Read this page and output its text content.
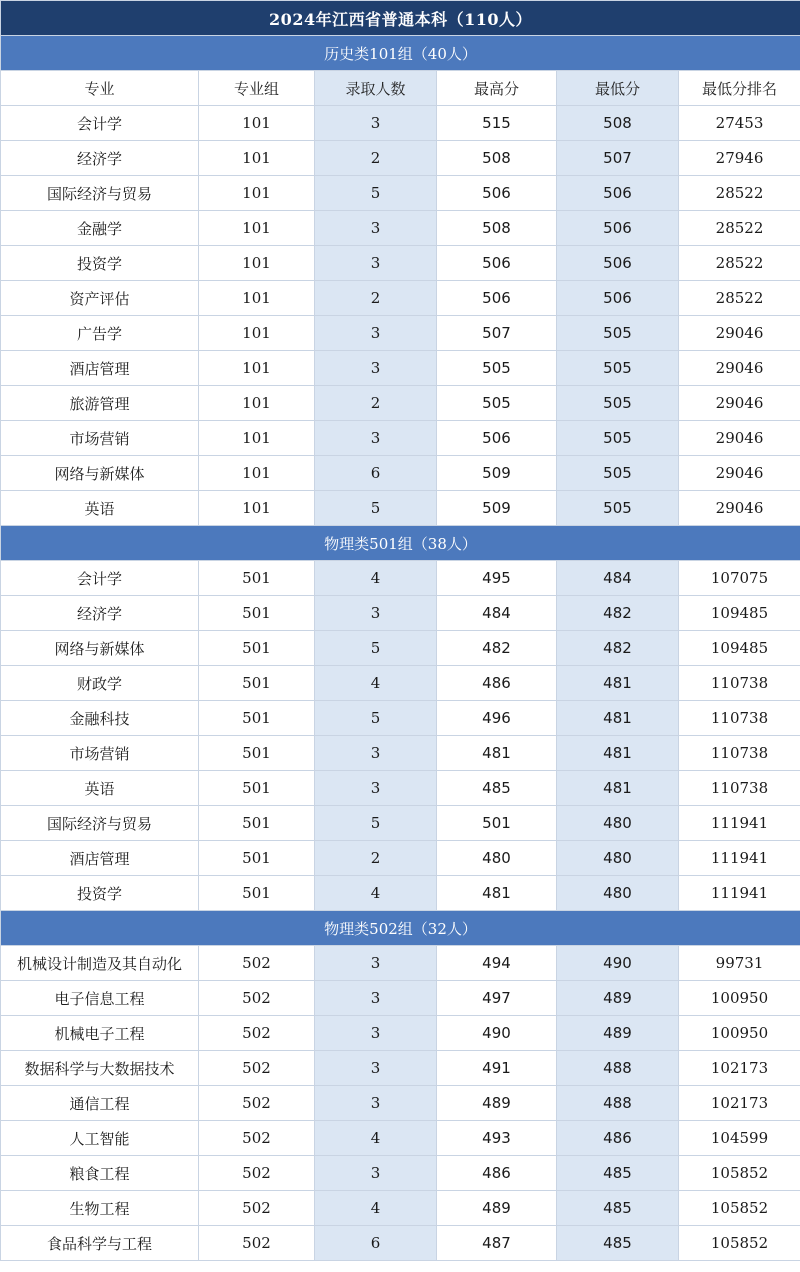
2024年江西省普通本科（110人）					
历史类101组（40人）					
专业	专业组	录取人数	最高分	最低分	最低分排名
会计学	101	3	515	508	27453
经济学	101	2	508	507	27946
国际经济与贸易	101	5	506	506	28522
金融学	101	3	508	506	28522
投资学	101	3	506	506	28522
资产评估	101	2	506	506	28522
广告学	101	3	507	505	29046
酒店管理	101	3	505	505	29046
旅游管理	101	2	505	505	29046
市场营销	101	3	506	505	29046
网络与新媒体	101	6	509	505	29046
英语	101	5	509	505	29046
物理类501组（38人）					
会计学	501	4	495	484	107075
经济学	501	3	484	482	109485
网络与新媒体	501	5	482	482	109485
财政学	501	4	486	481	110738
金融科技	501	5	496	481	110738
市场营销	501	3	481	481	110738
英语	501	3	485	481	110738
国际经济与贸易	501	5	501	480	111941
酒店管理	501	2	480	480	111941
投资学	501	4	481	480	111941
物理类502组（32人）					
机械设计制造及其自动化	502	3	494	490	99731
电子信息工程	502	3	497	489	100950
机械电子工程	502	3	490	489	100950
数据科学与大数据技术	502	3	491	488	102173
通信工程	502	3	489	488	102173
人工智能	502	4	493	486	104599
粮食工程	502	3	486	485	105852
生物工程	502	4	489	485	105852
食品科学与工程	502	6	487	485	105852
